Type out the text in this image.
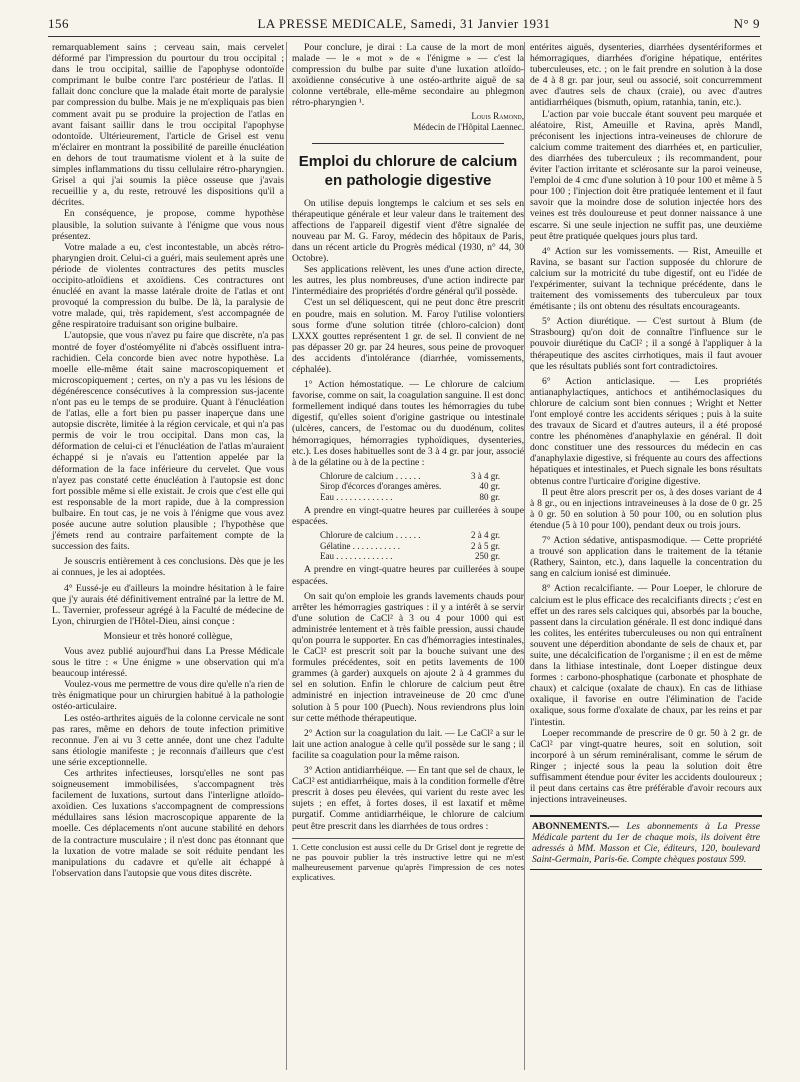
156	LA PRESSE MEDICALE, Samedi, 31 Janvier 1931	N° 9

remarquablement sains ; cerveau sain, mais cervelet déformé par l'impression du pourtour du trou occipital ; dans le trou occipital, saillie de l'apophyse odontoïde comprimant le bulbe contre l'arc postérieur de l'atlas. Il fallait donc conclure que la malade était morte de paralysie par compression du bulbe. Mais je ne m'expliquais pas bien comment avait pu se produire la projection de l'atlas en avant faisant saillir dans le trou occipital l'apophyse odontoïde. Ultérieurement, l'article de Grisel est venu m'éclairer en montrant la possibilité de pareille énucléation en dehors de tout traumatisme violent et à la suite de simples inflammations du tissu cellulaire rétro-pharyngien. Grisel a qui j'ai soumis la pièce osseuse que j'avais recueillie y a, du reste, retrouvé les dispositions qu'il a décrites.

En conséquence, je propose, comme hypothèse plausible, la solution suivante à l'énigme que vous nous présentez.

Votre malade a eu, c'est incontestable, un abcès rétro-pharyngien droit. Celui-ci a guéri, mais seulement après une période de violentes contractures des petits muscles occipito-atloïdiens et axoïdiens. Ces contractures ont énucléé en avant la masse latérale droite de l'atlas et ont provoqué la compression du bulbe. De là, la paralysie de votre malade, qui, très rapidement, s'est accompagnée de gêne respiratoire traduisant son origine bulbaire.

L'autopsie, que vous n'avez pu faire que discrète, n'a pas montré de foyer d'ostéomyélite ni d'abcès ossifluent intra-rachidien. Cela concorde bien avec notre hypothèse. La moelle elle-même était saine macroscopiquement et microscopiquement ; certes, on n'y a pas vu les lésions de dégénérescence consécutives à la compression sus-jacente n'ont pas eu le temps de se produire. Quant à l'énucléation de l'atlas, elle a fort bien pu passer inaperçue dans une autopsie discrète, limitée à la région cervicale, et qui n'a pas permis de voir le trou occipital. Dans mon cas, la déformation de celui-ci et l'énucléation de l'atlas m'auraient échappé si je n'avais eu l'attention appelée par la déformation de la face inférieure du cervelet. Que vous n'ayez pas constaté cette énucléation à l'autopsie est donc fort possible même si elle existait. Je crois que c'est elle qui est responsable de la mort rapide, due à la compression bulbaire. En tout cas, je ne vois à l'énigme que vous avez posée aucune autre solution plausible ; l'hypothèse que j'émets rend au contraire parfaitement compte de la succession des faits.

Je souscris entièrement à ces conclusions. Dès que je les ai connues, je les ai adoptées.

4° Eussé-je eu d'ailleurs la moindre hésitation à le faire que j'y aurais été définitivement entraîné par la lettre de M. L. Tavernier, professeur agrégé à la Faculté de médecine de Lyon, chirurgien de l'Hôtel-Dieu, ainsi conçue :

Monsieur et très honoré collègue,

Vous avez publié aujourd'hui dans La Presse Médicale sous le titre : « Une énigme » une observation qui m'a beaucoup intéressé.

Voulez-vous me permettre de vous dire qu'elle n'a rien de très énigmatique pour un chirurgien habitué à la pathologie ostéo-articulaire.

Les ostéo-arthrites aiguës de la colonne cervicale ne sont pas rares, même en dehors de toute infection primitive reconnue. J'en ai vu 3 cette année, dont une chez l'adulte sans étiologie manifeste ; je reconnais d'ailleurs que c'est une série exceptionnelle.

Ces arthrites infectieuses, lorsqu'elles ne sont pas soigneusement immobilisées, s'accompagnent très facilement de luxations, surtout dans l'interligne atloïdo-axoïdien. Ces luxations s'accompagnent de compressions médullaires sans lésion macroscopique apparente de la moelle. Ces déplacements n'ont aucune stabilité en dehors de la contracture musculaire ; il n'est donc pas étonnant que la luxation de votre malade se soit réduite pendant les manipulations du cadavre et qu'elle ait échappé à l'observation dans l'autopsie que vous dites discrète.

Pour conclure, je dirai : La cause de la mort de mon malade — le « mot » de « l'énigme » — c'est la compression du bulbe par suite d'une luxation atloïdo-axoïdienne consécutive à une ostéo-arthrite aiguë de sa colonne vertébrale, elle-même secondaire au phlegmon rétro-pharyngien ¹.

Louis Ramond,
Médecin de l'Hôpital Laennec.
Emploi du chlorure de calcium
en pathologie digestive

On utilise depuis longtemps le calcium et ses sels en thérapeutique générale et leur valeur dans le traitement des affections de l'appareil digestif vient d'être signalée de nouveau par M. G. Faroy, médecin des hôpitaux de Paris, dans un récent article du Progrès médical (1930, n° 44, 30 Octobre).

Ses applications relèvent, les unes d'une action directe, les autres, les plus nombreuses, d'une action indirecte par l'intermédiaire des propriétés d'ordre général qu'il possède.

C'est un sel déliquescent, qui ne peut donc être prescrit en poudre, mais en solution. M. Faroy l'utilise volontiers sous forme d'une solution titrée (chloro-calcion) dont LXXX gouttes représentent 1 gr. de sel. Il convient de ne pas dépasser 20 gr. par 24 heures, sous peine de provoquer des accidents d'intolérance (diarrhée, vomissements, céphalée).

1° Action hémostatique. — Le chlorure de calcium favorise, comme on sait, la coagulation sanguine. Il est donc formellement indiqué dans toutes les hémorragies du tube digestif, qu'elles soient d'origine gastrique ou intestinale (ulcères, cancers, de l'estomac ou du duodénum, colites hémorragiques, hémorragies typhoïdiques, dysenteries, etc.). Les doses habituelles sont de 3 à 4 gr. par jour, associé à de la gélatine ou à de la pectine :

Chlorure de calcium . . . . . .	3 à 4 gr.
Sirop d'écorces d'oranges amères.	40 gr.
Eau . . . . . . . . . . . . .	80 gr.

A prendre en vingt-quatre heures par cuillerées à soupe espacées.

Chlorure de calcium . . . . . .	2 à 4 gr.
Gélatine . . . . . . . . . . .	2 à 5 gr.
Eau . . . . . . . . . . . . .	250 gr.

A prendre en vingt-quatre heures par cuillerées à soupe espacées.

On sait qu'on emploie les grands lavements chauds pour arrêter les hémorragies gastriques : il y a intérêt à se servir d'une solution de CaCl² à 3 ou 4 pour 1000 qui est administrée lentement et à très faible pression, aussi chaude qu'on pourra le supporter. En cas d'hémorragies intestinales, le CaCl² est prescrit soit par la bouche suivant une des formules précédentes, soit en petits lavements de 100 grammes (à garder) auxquels on ajoute 2 à 4 grammes du sel en solution. Enfin le chlorure de calcium peut être administré en injection intraveineuse de 20 cmc d'une solution à 5 pour 100 (Puech). Nous reviendrons plus loin sur cette méthode thérapeutique.

2° Action sur la coagulation du lait. — Le CaCl² a sur le lait une action analogue à celle qu'il possède sur le sang ; il facilite sa coagulation pour la même raison.

3° Action antidiarrhéique. — En tant que sel de chaux, le CaCl² est antidiarrhéique, mais à la condition formelle d'être prescrit à doses peu élevées, qui varient du reste avec les sujets ; en effet, à fortes doses, il est laxatif et même purgatif. Comme antidiarrhéique, le chlorure de calcium peut être prescrit dans les diarrhées de tous ordres :

1. Cette conclusion est aussi celle du Dr Grisel dont je regrette de ne pas pouvoir publier la très instructive lettre qui ne m'est malheureusement parvenue qu'après l'impression de ces notes explicatives.

entérites aiguës, dysenteries, diarrhées dysentériformes et hémorragiques, diarrhées d'origine hépatique, entérites tuberculeuses, etc. ; on le fait prendre en solution à la dose de 4 à 8 gr. par jour, seul ou associé, soit concurremment avec d'autres sels de chaux (craie), ou avec d'autres antidiarrhéiques (bismuth, opium, ratanhia, tanin, etc.).

L'action par voie buccale étant souvent peu marquée et aléatoire, Rist, Ameuille et Ravina, après Mandl, préconisent les injections intra-veineuses de chlorure de calcium comme traitement des diarrhées et, en particulier, des diarrhées des tuberculeux ; ils recommandent, pour éviter l'action irritante et sclérosante sur la paroi veineuse, l'emploi de 4 cmc d'une solution à 10 pour 100 et même à 5 pour 100 ; l'injection doit être pratiquée lentement et il faut savoir que la moindre dose de solution injectée hors des veines est très douloureuse et peut donner naissance à une escarre. Si une seule injection ne suffit pas, une deuxième peut être pratiquée quelques jours plus tard.

4° Action sur les vomissements. — Rist, Ameuille et Ravina, se basant sur l'action supposée du chlorure de calcium sur la motricité du tube digestif, ont eu l'idée de l'expérimenter, suivant la technique précédente, dans le traitement des vomissements des tuberculeux par toux émétisante ; ils ont obtenu des résultats encourageants.

5° Action diurétique. — C'est surtout à Blum (de Strasbourg) qu'on doit de connaître l'influence sur le pouvoir diurétique du CaCl² ; il a songé à l'appliquer à la thérapeutique des ascites cirrhotiques, mais il faut avouer que les résultats publiés sont fort contradictoires.

6° Action anticlasique. — Les propriétés antianaphylactiques, antichocs et antihémoclasiques du chlorure de calcium sont bien connues ; Wright et Netter l'ont employé contre les accidents sériques ; puis à la suite des travaux de Sicard et d'autres auteurs, il a été proposé contre les phénomènes d'anaphylaxie en général. Il doit donc constituer une des ressources du médecin en cas d'anaphylaxie digestive, si fréquente au cours des affections hépatiques et intestinales, et Puech signale les bons résultats obtenus contre l'urticaire d'origine digestive.

Il peut être alors prescrit per os, à des doses variant de 4 à 8 gr., ou en injections intraveineuses à la dose de 0 gr. 25 à 0 gr. 50 en solution à 50 pour 100, ou en solution plus étendue (5 à 10 pour 100), pendant deux ou trois jours.

7° Action sédative, antispasmodique. — Cette propriété a trouvé son application dans le traitement de la tétanie (Rathery, Sainton, etc.), dans laquelle la concentration du sang en calcium ionisé est diminuée.

8° Action recalcifiante. — Pour Loeper, le chlorure de calcium est le plus efficace des recalcifiants directs ; c'est en effet un des rares sels calciques qui, absorbés par la bouche, passent dans la circulation générale. Il est donc indiqué dans les colites, les entérites tuberculeuses ou non qui entraînent souvent une déperdition abondante de sels de chaux et, par suite, une décalcification de l'organisme ; il en est de même dans la lithiase intestinale, dont Loeper distingue deux formes : carbono-phosphatique (carbonate et phosphate de chaux) et calcique (oxalate de chaux). En cas de lithiase oxalique, il favorise en outre l'élimination de l'acide oxalique, sous forme d'oxalate de chaux, par les reins et par l'intestin.

Loeper recommande de prescrire de 0 gr. 50 à 2 gr. de CaCl² par vingt-quatre heures, soit en solution, soit incorporé à un sérum reminéralisant, comme le sérum de Ringer ; injecté sous la peau la solution doit être suffisamment étendue pour éviter les accidents douloureux ; il peut dans certains cas être préférable d'avoir recours aux injections intraveineuses.

ABONNEMENTS.— Les abonnements à La Presse Médicale partent du 1er de chaque mois, ils doivent être adressés à MM. Masson et Cie, éditeurs, 120, boulevard Saint-Germain, Paris-6e. Compte chèques postaux 599.
